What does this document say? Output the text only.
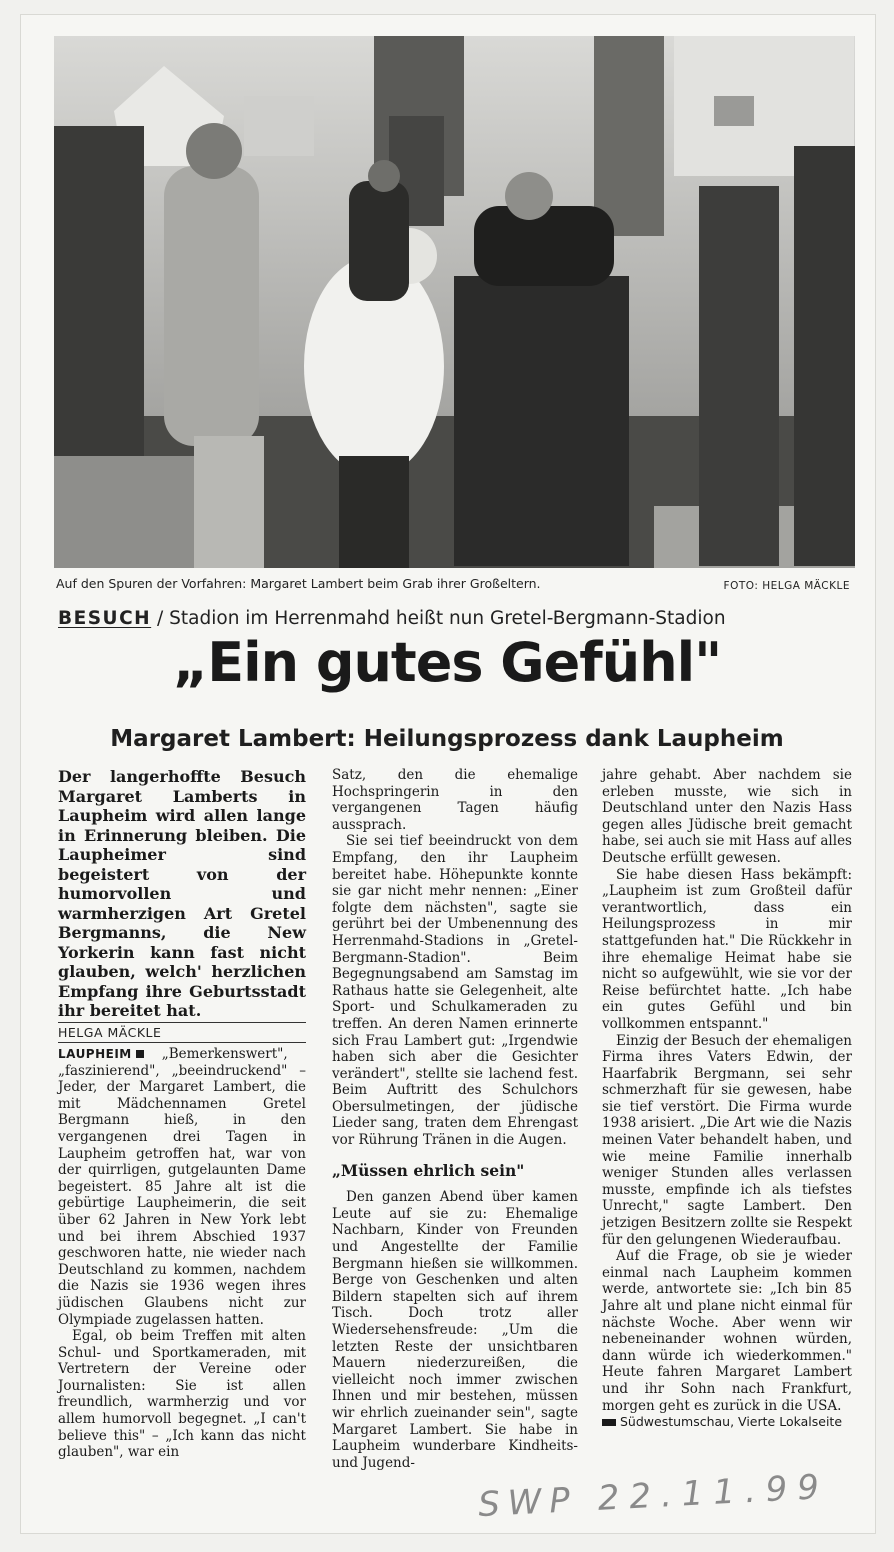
Auf den Spuren der Vorfahren: Margaret Lambert beim Grab ihrer Großeltern.	FOTO: HELGA MÄCKLE
BESUCH / Stadion im Herrenmahd heißt nun Gretel-Bergmann-Stadion
„Ein gutes Gefühl"
Margaret Lambert: Heilungsprozess dank Laupheim
Der langerhoffte Besuch Margaret Lamberts in Laupheim wird allen lange in Erinnerung bleiben. Die Laupheimer sind begeistert von der humorvollen und warmherzigen Art Gretel Bergmanns, die New Yorkerin kann fast nicht glauben, welch' herzlichen Empfang ihre Geburtsstadt ihr bereitet hat.
HELGA MÄCKLE

LAUPHEIM „Bemerkenswert", „faszinierend", „beeindruckend" – Jeder, der Margaret Lambert, die mit Mädchennamen Gretel Bergmann hieß, in den vergangenen drei Tagen in Laupheim getroffen hat, war von der quirrligen, gutgelaunten Dame begeistert. 85 Jahre alt ist die gebürtige Laupheimerin, die seit über 62 Jahren in New York lebt und bei ihrem Abschied 1937 geschworen hatte, nie wieder nach Deutschland zu kommen, nachdem die Nazis sie 1936 wegen ihres jüdischen Glaubens nicht zur Olympiade zugelassen hatten.

Egal, ob beim Treffen mit alten Schul- und Sportkameraden, mit Vertretern der Vereine oder Journalisten: Sie ist allen freundlich, warmherzig und vor allem humorvoll begegnet. „I can't believe this" – „Ich kann das nicht glauben", war ein

Satz, den die ehemalige Hochspringerin in den vergangenen Tagen häufig aussprach.

Sie sei tief beeindruckt von dem Empfang, den ihr Laupheim bereitet habe. Höhepunkte konnte sie gar nicht mehr nennen: „Einer folgte dem nächsten", sagte sie gerührt bei der Umbenennung des Herrenmahd-Stadions in „Gretel-Bergmann-Stadion". Beim Begegnungsabend am Samstag im Rathaus hatte sie Gelegenheit, alte Sport- und Schulkameraden zu treffen. An deren Namen erinnerte sich Frau Lambert gut: „Irgendwie haben sich aber die Gesichter verändert", stellte sie lachend fest. Beim Auftritt des Schulchors Obersulmetingen, der jüdische Lieder sang, traten dem Ehrengast vor Rührung Tränen in die Augen.

„Müssen ehrlich sein"

Den ganzen Abend über kamen Leute auf sie zu: Ehemalige Nachbarn, Kinder von Freunden und Angestellte der Familie Bergmann hießen sie willkommen. Berge von Geschenken und alten Bildern stapelten sich auf ihrem Tisch. Doch trotz aller Wiedersehensfreude: „Um die letzten Reste der unsichtbaren Mauern niederzureißen, die vielleicht noch immer zwischen Ihnen und mir bestehen, müssen wir ehrlich zueinander sein", sagte Margaret Lambert. Sie habe in Laupheim wunderbare Kindheits- und Jugend-

jahre gehabt. Aber nachdem sie erleben musste, wie sich in Deutschland unter den Nazis Hass gegen alles Jüdische breit gemacht habe, sei auch sie mit Hass auf alles Deutsche erfüllt gewesen.

Sie habe diesen Hass bekämpft: „Laupheim ist zum Großteil dafür verantwortlich, dass ein Heilungsprozess in mir stattgefunden hat." Die Rückkehr in ihre ehemalige Heimat habe sie nicht so aufgewühlt, wie sie vor der Reise befürchtet hatte. „Ich habe ein gutes Gefühl und bin vollkommen entspannt."

Einzig der Besuch der ehemaligen Firma ihres Vaters Edwin, der Haarfabrik Bergmann, sei sehr schmerzhaft für sie gewesen, habe sie tief verstört. Die Firma wurde 1938 arisiert. „Die Art wie die Nazis meinen Vater behandelt haben, und wie meine Familie innerhalb weniger Stunden alles verlassen musste, empfinde ich als tiefstes Unrecht," sagte Lambert. Den jetzigen Besitzern zollte sie Respekt für den gelungenen Wiederaufbau.

Auf die Frage, ob sie je wieder einmal nach Laupheim kommen werde, antwortete sie: „Ich bin 85 Jahre alt und plane nicht einmal für nächste Woche. Aber wenn wir nebeneinander wohnen würden, dann würde ich wiederkommen." Heute fahren Margaret Lambert und ihr Sohn nach Frankfurt, morgen geht es zurück in die USA.

Südwestumschau, Vierte Lokalseite

SWP 22.11.99
